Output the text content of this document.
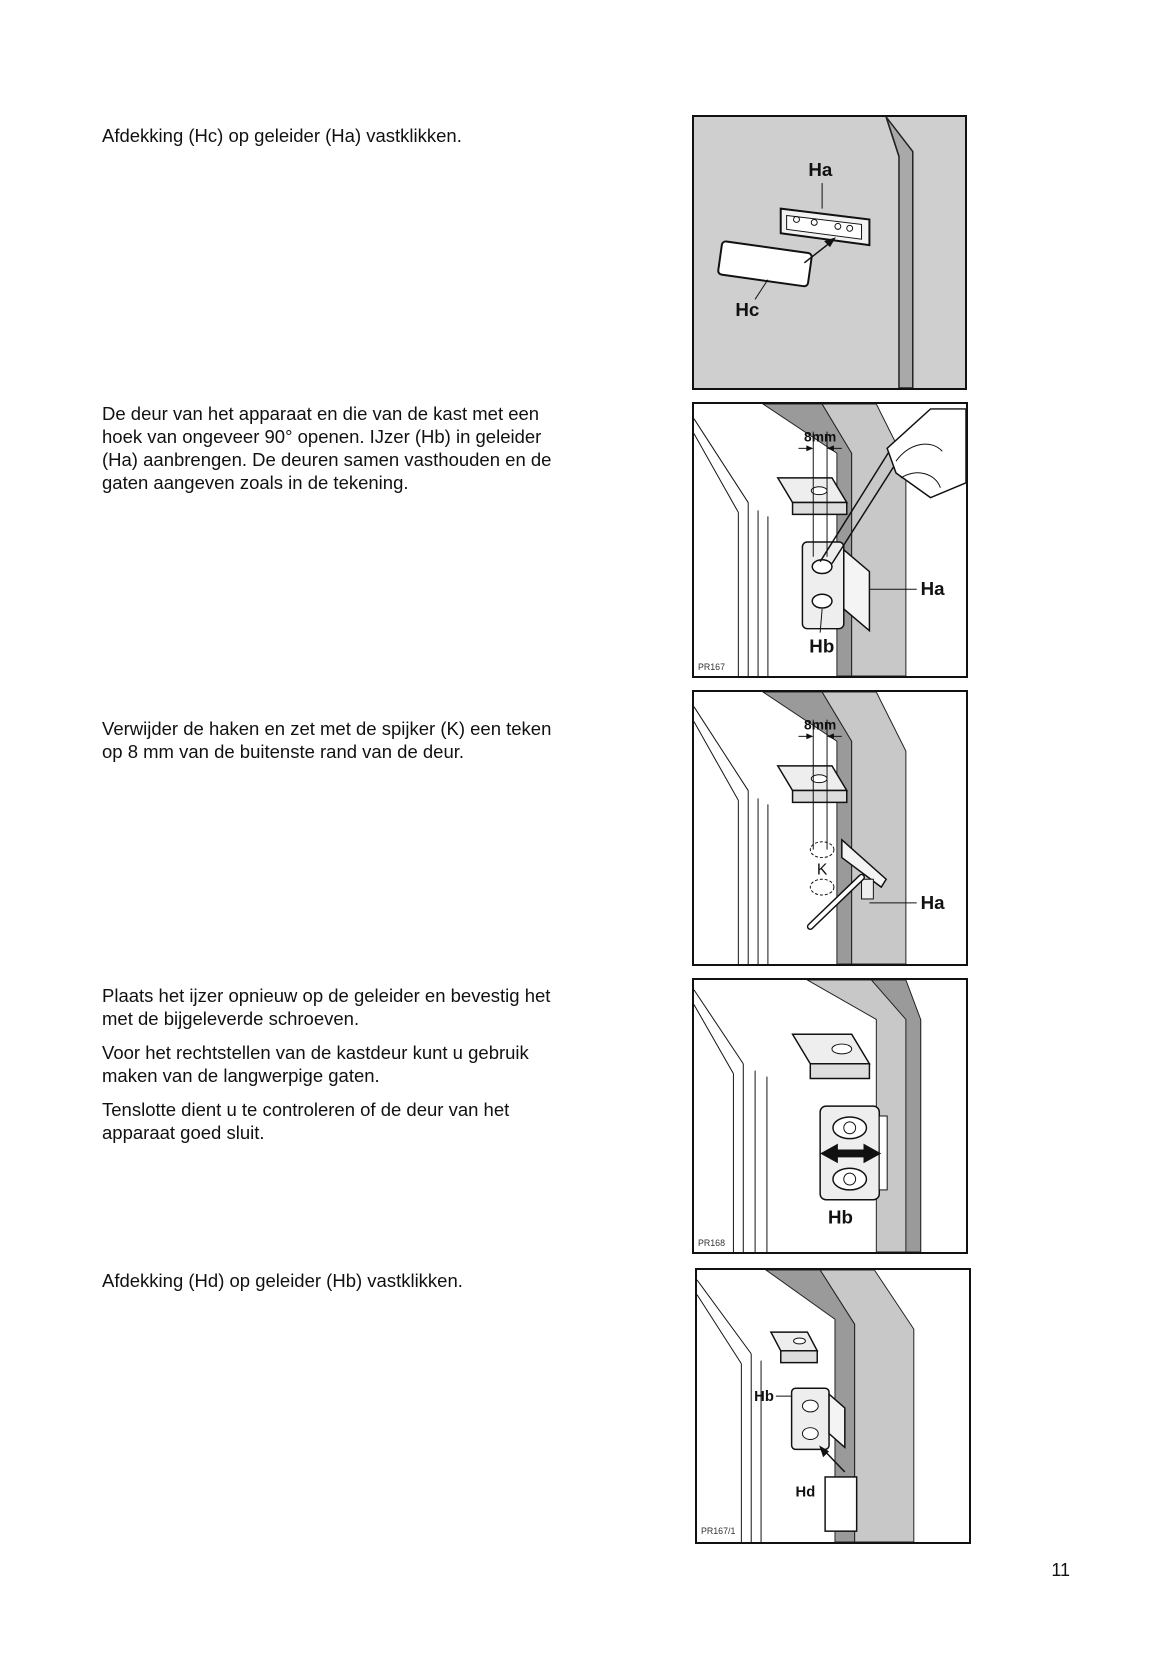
Afdekking (Hc) op geleider (Ha) vastklikken.

De deur van het apparaat en die van de kast met een hoek van ongeveer 90° openen. IJzer (Hb) in geleider (Ha) aanbrengen. De deuren samen vasthouden en de gaten aangeven zoals in de tekening.

Verwijder de haken en zet met de spijker (K) een teken op 8 mm van de buitenste rand van de deur.

Plaats het ijzer opnieuw op de geleider en bevestig het met de bijgeleverde schroeven.

Voor het rechtstellen van de kastdeur kunt u gebruik maken van de langwerpige gaten.

Tenslotte dient u te controleren of de deur van het apparaat goed sluit.

Afdekking (Hd) op geleider (Hb) vastklikken.

Ha
Hc
8mm
Ha
Hb
PR167
8mm
K
Ha
Hb
PR168
Hb
Hd
PR167/1
11
